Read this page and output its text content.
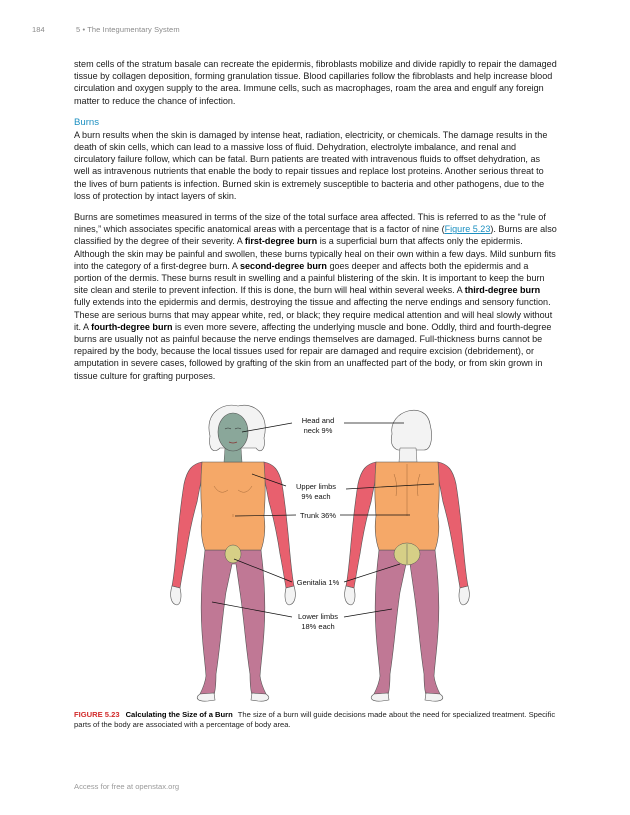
184	5 • The Integumentary System

stem cells of the stratum basale can recreate the epidermis, fibroblasts mobilize and divide rapidly to repair the damaged tissue by collagen deposition, forming granulation tissue. Blood capillaries follow the fibroblasts and help increase blood circulation and oxygen supply to the area. Immune cells, such as macrophages, roam the area and engulf any foreign matter to reduce the chance of infection.

Burns

A burn results when the skin is damaged by intense heat, radiation, electricity, or chemicals. The damage results in the death of skin cells, which can lead to a massive loss of fluid. Dehydration, electrolyte imbalance, and renal and circulatory failure follow, which can be fatal. Burn patients are treated with intravenous fluids to offset dehydration, as well as intravenous nutrients that enable the body to repair tissues and replace lost proteins. Another serious threat to the lives of burn patients is infection. Burned skin is extremely susceptible to bacteria and other pathogens, due to the loss of protection by intact layers of skin.

Burns are sometimes measured in terms of the size of the total surface area affected. This is referred to as the “rule of nines,” which associates specific anatomical areas with a percentage that is a factor of nine (Figure 5.23). Burns are also classified by the degree of their severity. A first-degree burn is a superficial burn that affects only the epidermis. Although the skin may be painful and swollen, these burns typically heal on their own within a few days. Mild sunburn fits into the category of a first-degree burn. A second-degree burn goes deeper and affects both the epidermis and a portion of the dermis. These burns result in swelling and a painful blistering of the skin. It is important to keep the burn site clean and sterile to prevent infection. If this is done, the burn will heal within several weeks. A third-degree burn fully extends into the epidermis and dermis, destroying the tissue and affecting the nerve endings and sensory function. These are serious burns that may appear white, red, or black; they require medical attention and will heal slowly without it. A fourth-degree burn is even more severe, affecting the underlying muscle and bone. Oddly, third and fourth-degree burns are usually not as painful because the nerve endings themselves are damaged. Full-thickness burns cannot be repaired by the body, because the local tissues used for repair are damaged and require excision (debridement), or amputation in severe cases, followed by grafting of the skin from an unaffected part of the body, or from skin grown in tissue culture for grafting purposes.

Head and
neck 9%
Upper limbs
9% each
Trunk 36%
Genitalia 1%
Lower limbs
18% each
FIGURE 5.23 Calculating the Size of a Burn The size of a burn will guide decisions made about the need for specialized treatment. Specific parts of the body are associated with a percentage of body area.
Access for free at openstax.org
